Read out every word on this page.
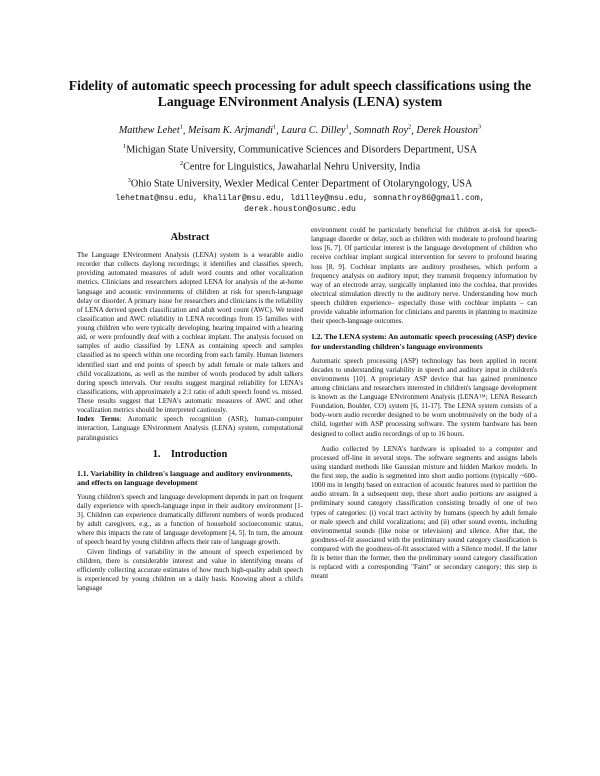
Fidelity of automatic speech processing for adult speech classifications using the Language ENvironment Analysis (LENA) system
Matthew Lehet$^1$, Meisam K. Arjmandi$^1$, Laura C. Dilley$^1$, Somnath Roy$^2$, Derek Houston$^3$
$^1$Michigan State University, Communicative Sciences and Disorders Department, USA
$^2$Centre for Linguistics, Jawaharlal Nehru University, India
$^3$Ohio State University, Wexler Medical Center Department of Otolaryngology, USA
lehetmat@msu.edu, khalilar@msu.edu, ldilley@msu.edu, somnathroy86@gmail.com,
derek.houston@osumc.edu
Abstract

The Language ENvironment Analysis (LENA) system is a wearable audio recorder that collects daylong recordings; it identifies and classifies speech, providing automated measures of adult word counts and other vocalization metrics. Clinicians and researchers adopted LENA for analysis of the at-home language and acoustic environments of children at risk for speech-language delay or disorder. A primary issue for researchers and clinicians is the reliability of LENA derived speech classification and adult word count (AWC). We tested classification and AWC reliability in LENA recordings from 15 families with young children who were typically developing, hearing impaired with a hearing aid, or were profoundly deaf with a cochlear implant. The analysis focused on samples of audio classified by LENA as containing speech and samples classified as no speech within one recording from each family. Human listeners identified start and end points of speech by adult female or male talkers and child vocalizations, as well as the number of words produced by adult talkers during speech intervals. Our results suggest marginal reliability for LENA's classifications, with approximately a 2:1 ratio of adult speech found vs. missed. These results suggest that LENA's automatic measures of AWC and other vocalization metrics should be interpreted cautiously.

Index Terms: Automatic speech recognition (ASR), human-computer interaction, Language ENvironment Analysis (LENA) system, computational paralinguistics

1. Introduction
1.1. Variability in children's language and auditory environments, and effects on language development

Young children's speech and language development depends in part on frequent daily experience with speech-language input in their auditory environment [1-3]. Children can experience dramatically different numbers of words produced by adult caregivers, e.g., as a function of household socioeconomic status, where this impacts the rate of language development [4, 5]. In turn, the amount of speech heard by young children affects their rate of language growth.

Given findings of variability in the amount of speech experienced by children, there is considerable interest and value in identifying means of efficiently collecting accurate estimates of how much high-quality adult speech is experienced by young children on a daily basis. Knowing about a child's language

environment could be particularly beneficial for children at-risk for speech-language disorder or delay, such as children with moderate to profound hearing loss [6, 7]. Of particular interest is the language development of children who receive cochlear implant surgical intervention for severe to profound hearing loss [8, 9]. Cochlear implants are auditory prostheses, which perform a frequency analysis on auditory input; they transmit frequency information by way of an electrode array, surgically implanted into the cochlea, that provides electrical stimulation directly to the auditory nerve. Understanding how much speech children experience– especially those with cochlear implants – can provide valuable information for clinicians and parents in planning to maximize their speech-language outcomes.

1.2. The LENA system: An automatic speech processing (ASP) device for understanding children's language environments

Automatic speech processing (ASP) technology has been applied in recent decades to understanding variability in speech and auditory input in children's environments [10]. A proprietary ASP device that has gained prominence among clinicians and researchers interested in children's language development is known as the Language ENvironment Analysis (LENA™; LENA Research Foundation, Boulder, CO) system [6, 11-17]. The LENA system consists of a body-worn audio recorder designed to be worn unobtrusively on the body of a child, together with ASP processing software. The system hardware has been designed to collect audio recordings of up to 16 hours.

Audio collected by LENA's hardware is uploaded to a computer and processed off-line in several steps. The software segments and assigns labels using standard methods like Gaussian mixture and hidden Markov models. In the first step, the audio is segmented into short audio portions (typically ~600-1000 ms in length) based on extraction of acoustic features used to partition the audio stream. In a subsequent step, these short audio portions are assigned a preliminary sound category classification consisting broadly of one of two types of categories: (i) vocal tract activity by humans (speech by adult female or male speech and child vocalizations; and (ii) other sound events, including environmental sounds (like noise or television) and silence. After that, the goodness-of-fit associated with the preliminary sound category classification is compared with the goodness-of-fit associated with a Silence model. If the latter fit is better than the former, then the preliminary sound category classification is replaced with a corresponding "Faint" or secondary category; this step is meant
